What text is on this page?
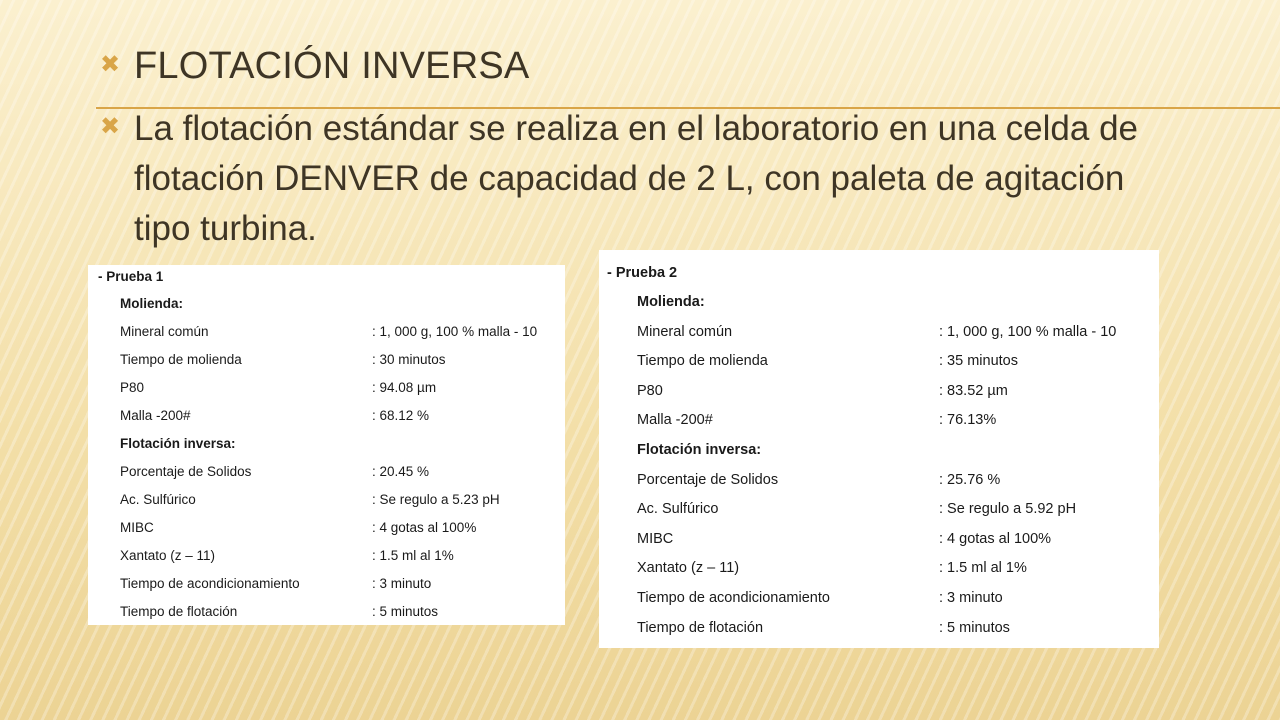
✖ FLOTACIÓN INVERSA
✖ La flotación estándar se realiza en el laboratorio en una celda de flotación DENVER de capacidad de 2 L, con paleta de agitación tipo turbina.
- Prueba 1
Molienda:
Mineral común	: 1, 000 g, 100 % malla - 10
Tiempo de molienda	: 30 minutos
P80	: 94.08 µm
Malla -200#	: 68.12 %
Flotación inversa:
Porcentaje de Solidos	: 20.45 %
Ac. Sulfúrico	: Se regulo a 5.23 pH
MIBC	: 4 gotas al 100%
Xantato (z – 11)	: 1.5 ml al 1%
Tiempo de acondicionamiento	: 3 minuto
Tiempo de flotación	: 5 minutos
- Prueba 2
Molienda:
Mineral común	: 1, 000 g, 100 % malla - 10
Tiempo de molienda	: 35 minutos
P80	: 83.52 µm
Malla -200#	: 76.13%
Flotación inversa:
Porcentaje de Solidos	: 25.76 %
Ac. Sulfúrico	: Se regulo a 5.92 pH
MIBC	: 4 gotas al 100%
Xantato (z – 11)	: 1.5 ml al 1%
Tiempo de acondicionamiento	: 3 minuto
Tiempo de flotación	: 5 minutos
